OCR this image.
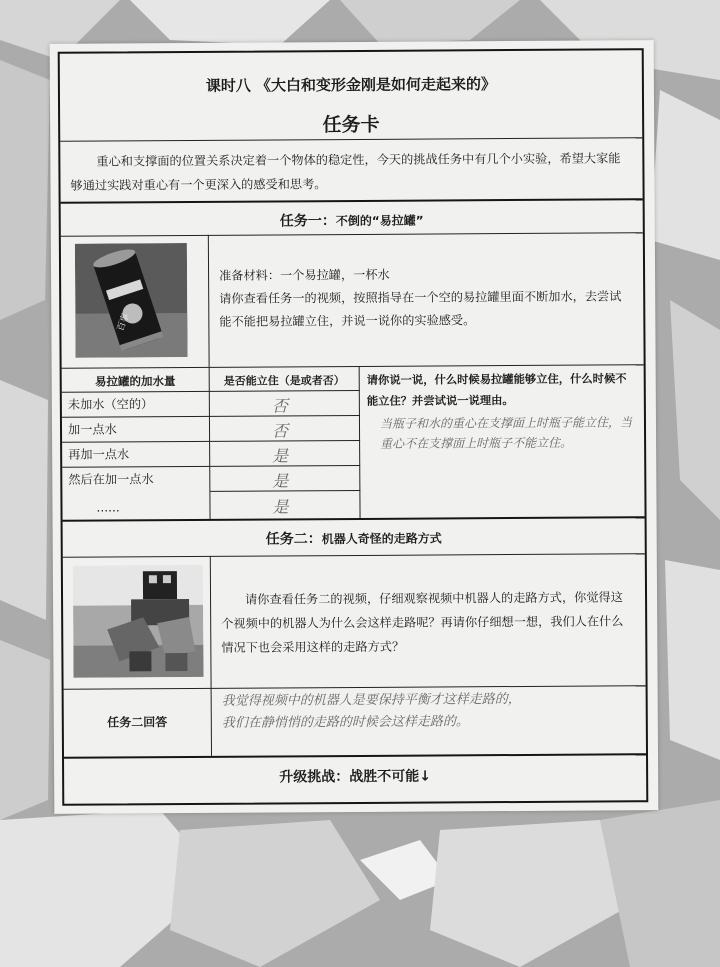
课时八 《大白和变形金刚是如何走起来的》
任务卡
重心和支撑面的位置关系决定着一个物体的稳定性，今天的挑战任务中有几个小实验，希望大家能够通过实践对重心有一个更深入的感受和思考。
任务一：不倒的“易拉罐”
百事
准备材料：一个易拉罐，一杯水
请你查看任务一的视频，按照指导在一个空的易拉罐里面不断加水，去尝试能不能把易拉罐立住，并说一说你的实验感受。
易拉罐的加水量	是否能立住（是或者否）
未加水（空的）
加一点水
再加一点水
然后在加一点水
......
否
否
是
是
是
请你说一说，什么时候易拉罐能够立住，什么时候不能立住？并尝试说一说理由。
当瓶子和水的重心在支撑面上时瓶子能立住，当重心不在支撑面上时瓶子不能立住。
任务二：机器人奇怪的走路方式
请你查看任务二的视频，仔细观察视频中机器人的走路方式，你觉得这个视频中的机器人为什么会这样走路呢？再请你仔细想一想，我们人在什么情况下也会采用这样的走路方式？
任务二回答
我觉得视频中的机器人是要保持平衡才这样走路的，
我们在静悄悄的走路的时候会这样走路的。
升级挑战：战胜不可能↓
